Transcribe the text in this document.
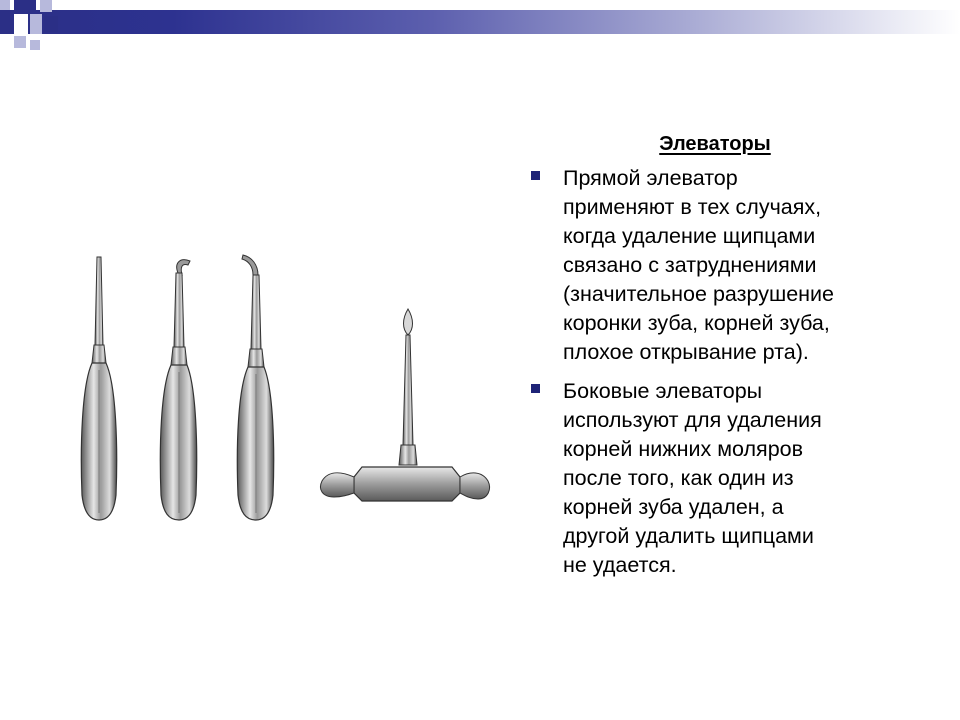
Элеваторы
Прямой элеватор
применяют в тех случаях,
когда удаление щипцами
связано с затруднениями
(значительное разрушение
коронки зуба, корней зуба,
плохое открывание рта).
Боковые элеваторы
используют для удаления
корней нижних моляров
после того, как один из
корней зуба удален, а
другой удалить щипцами
не удается.
